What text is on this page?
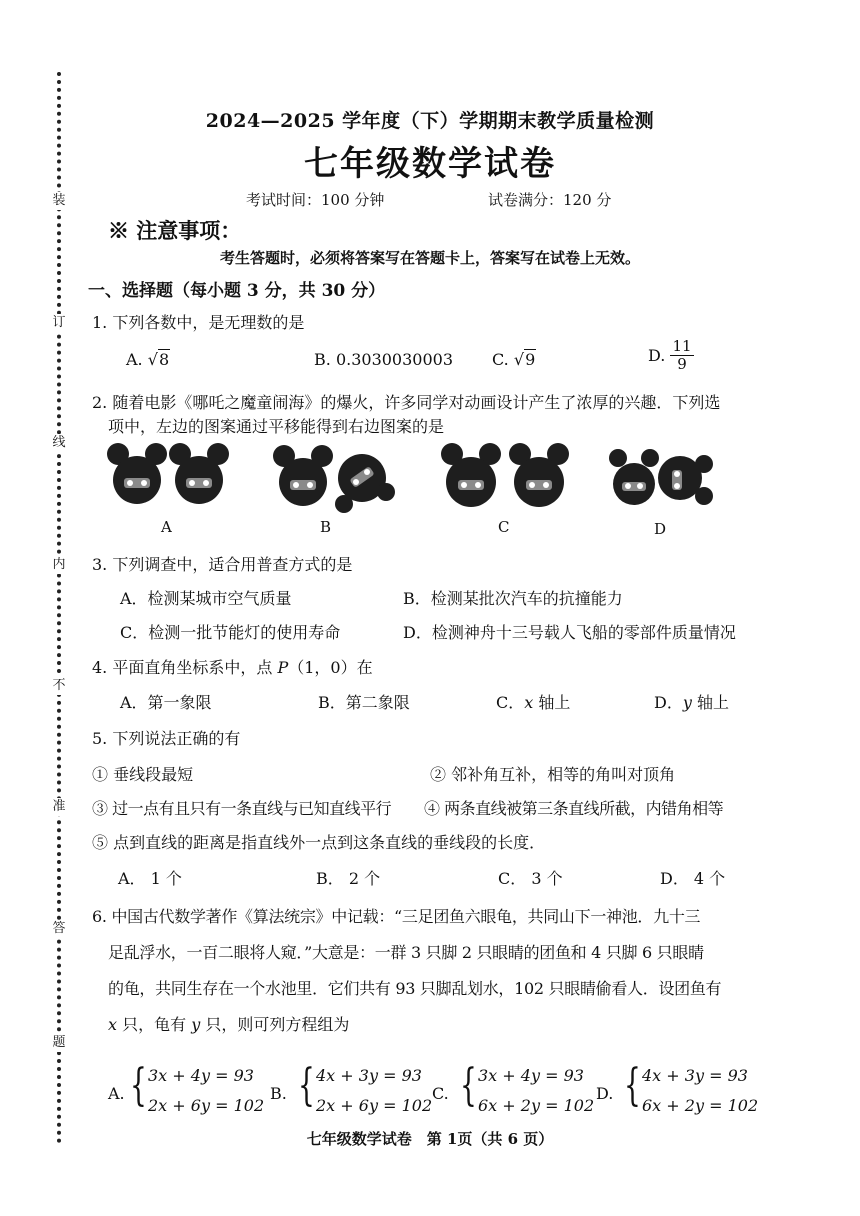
装
订
线
内
不
准
答
题
2024—2025 学年度（下）学期期末教学质量检测
七年级数学试卷
考试时间：100 分钟	试卷满分：120 分
※ 注意事项：
考生答题时，必须将答案写在答题卡上，答案写在试卷上无效。
一、选择题（每小题 3 分，共 30 分）
1. 下列各数中，是无理数的是
A. √8	B. 0.3030030003 C. √9	D. $\frac{11}{9}$
2. 随着电影《哪吒之魔童闹海》的爆火，许多同学对动画设计产生了浓厚的兴趣．下列选
项中，左边的图案通过平移能得到右边图案的是
A	B	C	D
3. 下列调查中，适合用普查方式的是
A．检测某城市空气质量	B．检测某批次汽车的抗撞能力
C．检测一批节能灯的使用寿命	D．检测神舟十三号载人飞船的零部件质量情况
4. 平面直角坐标系中，点 P（1，0）在
A．第一象限	B．第二象限	C．x 轴上	D．y 轴上
5. 下列说法正确的有
① 垂线段最短	② 邻补角互补，相等的角叫对顶角
③ 过一点有且只有一条直线与已知直线平行 ④ 两条直线被第三条直线所截，内错角相等
⑤ 点到直线的距离是指直线外一点到这条直线的垂线段的长度．
A． 1 个	B． 2 个	C． 3 个	D． 4 个
6. 中国古代数学著作《算法统宗》中记载：“三足团鱼六眼龟，共同山下一神池．九十三
足乱浮水，一百二眼将人窥．”大意是：一群 3 只脚 2 只眼睛的团鱼和 4 只脚 6 只眼睛
的龟，共同生存在一个水池里．它们共有 93 只脚乱划水，102 只眼睛偷看人．设团鱼有
x 只，龟有 y 只，则可列方程组为
A. { 3x + 4y = 93
2x + 6y = 102
B. { 4x + 3y = 93
2x + 6y = 102
C. { 3x + 4y = 93
6x + 2y = 102
D. { 4x + 3y = 93
6x + 2y = 102
七年级数学试卷　第 1页（共 6 页）
